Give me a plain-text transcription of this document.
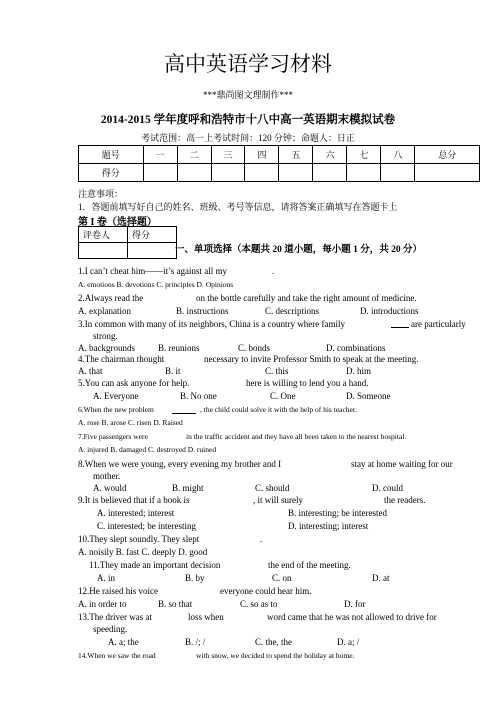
高中英语学习材料
***鼎尚图文理制作***
2014-2015 学年度呼和浩特市十八中高一英语期末模拟试卷
考试范围：高一上考试时间：120 分钟；命题人：日正
题号	一	二	三	四	五	六	七	八	总分
得分									
注意事项：
1．答题前填写好自己的姓名、班级、考号等信息，请将答案正确填写在答题卡上
第 I 卷（选择题）
评卷人	得分

一、单项选择（本题共 20 道小题，每小题 1 分，共 20 分）
1.I can’t cheat him——it’s against all my	.
A. emotions B. devotions C. principles D. Opinions
2.Always read the	on the bottle carefully and take the right amount of medicine.
A. explanation	B. instructions	C. descriptions	D. introductions
3.In common with many of its neighbors, China is a country where family	are particularly
strong.
A. backgrounds	B. reunions	C. bonds	D. combinations
4.The chairman thought	necessary to invite Professor Smith to speak at the meeting.
A. that	B. it	C. this	D. him
5.You can ask anyone for help.	here is willing to lend you a hand.
A. Everyone	B. No one	C. One	D. Someone
6.When the new problem	, the child could solve it with the help of his teacher.
A. rose B. arose C. risen D. Raised
7.Five passengers were	in the traffic accident and they have all been taken to the nearest hospital.
A. injured B. damaged C. destroyed D. ruined
8.When we were young, every evening my brother and I	stay at home waiting for our
mother.
A. would	B. might	C. should	D. could
9.It is believed that if a book is	, it will surely	the readers.
A. interested; interest	B. interesting; be interested
C. interested; be interesting	D. interesting; interest
10.They slept soundly. They slept	.
A. noisily B. fast C. deeply D. good
11.They made an important decision	the end of the meeting.
A. in	B. by	C. on	D. at
12.He raised his voice	everyone could hear him.
A. in order to	B. so that	C. so as to	D. for
13.The driver was at	loss when	word came that he was not allowed to drive for
speeding.
A. a; the	B. /; /	C. the, the	D. a; /
14.When we saw the road	with snow, we decided to spend the holiday at home.
